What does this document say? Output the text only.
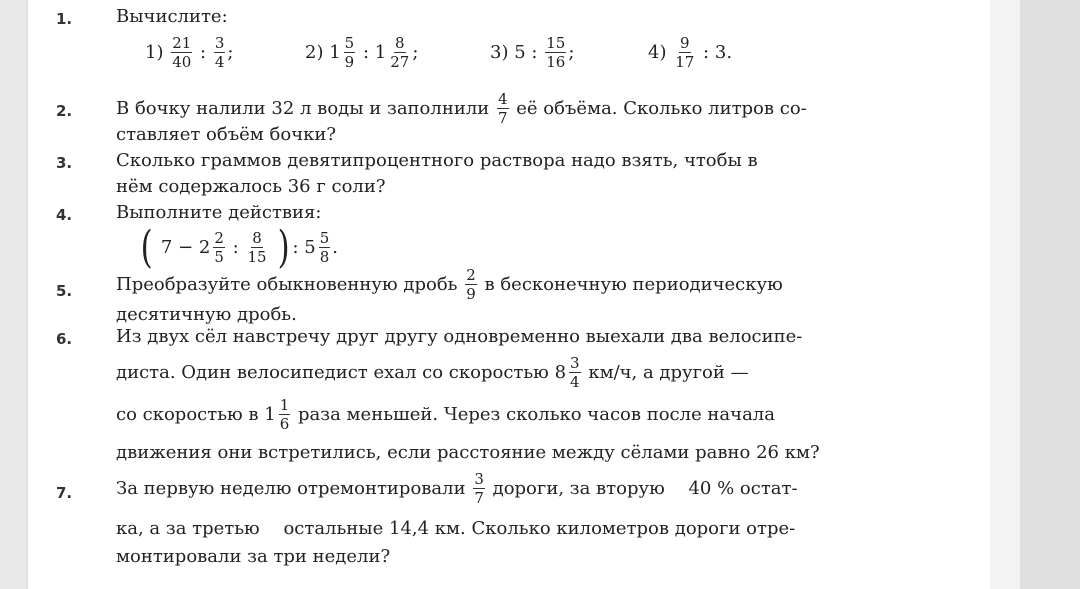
1.	Вычислите:
$1) \frac{21}{40}$ : $\frac{3}{4}$ ;	2) $1 \frac{5}{9}$ : $1 \frac{8}{27}$ ;	3) 5 : $\frac{15}{16}$ ;	$4) \frac{9}{17}$ : 3.
2.	В бочку налили 32 л воды и заполнили $\frac{4}{7}$ её объёма. Сколько литров со-
ставляет объём бочки?
3.	Сколько граммов девятипроцентного раствора надо взять, чтобы в
нём содержалось 36 г соли?
4.	Выполните действия:
( $7 - 2 \frac{2}{5}$ : $\frac{8}{15}$ ) : $5 \frac{5}{8}$ .
5.	Преобразуйте обыкновенную дробь $\frac{2}{9}$ в бесконечную периодическую
десятичную дробь.
6.	Из двух сёл навстречу друг другу одновременно выехали два велосипе-
диста. Один велосипедист ехал со скоростью $8 \frac{3}{4} км/ч$, а другой —
со скоростью в $1 \frac{1}{6}$ раза меньшей. Через сколько часов после начала
движения они встретились, если расстояние между сёлами равно 26 км?
7.	За первую неделю отремонтировали $\frac{3}{7}$ дороги, за вторую 40 % остат-
ка, а за третью остальные 14,4 км. Сколько километров дороги отре-
монтировали за три недели?
